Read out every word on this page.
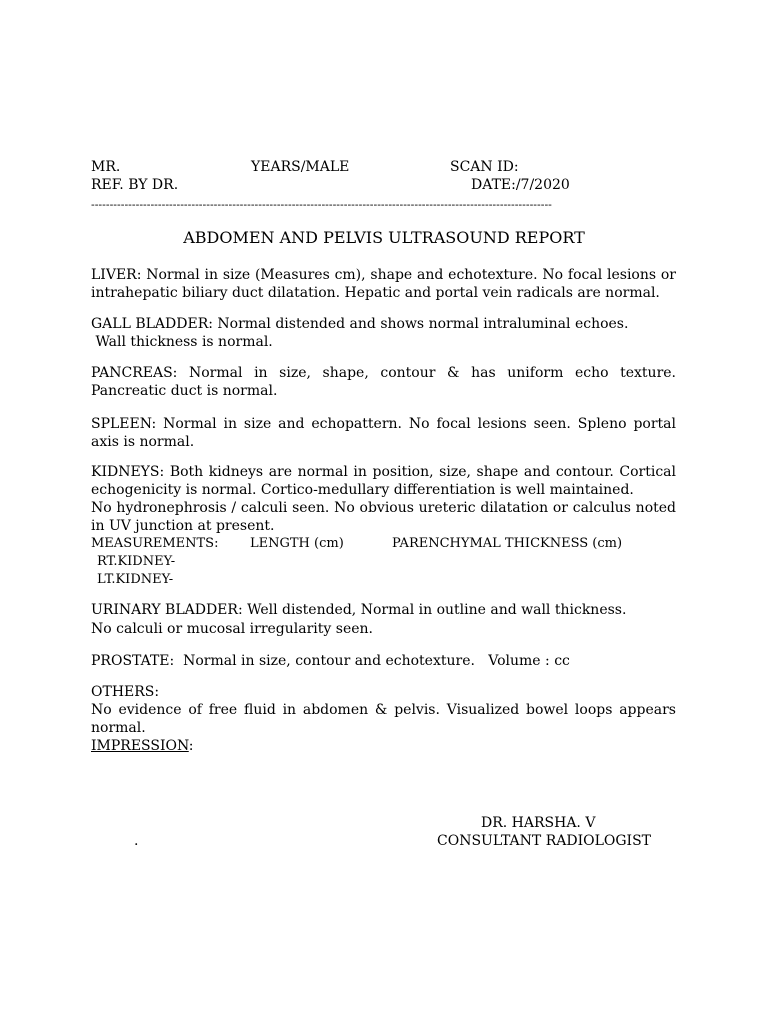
MR.	YEARS/MALE	SCAN ID:
REF. BY DR.	DATE:/7/2020
----------------------------------------------------------------------------------------------------------------------------
ABDOMEN AND PELVIS ULTRASOUND REPORT
LIVER: Normal in size (Measures cm), shape and echotexture. No focal lesions or intrahepatic biliary duct dilatation. Hepatic and portal vein radicals are normal.
GALL BLADDER: Normal distended and shows normal intraluminal echoes.
Wall thickness is normal.
PANCREAS: Normal in size, shape, contour & has uniform echo texture. Pancreatic duct is normal.
SPLEEN: Normal in size and echopattern. No focal lesions seen. Spleno portal axis is normal.
KIDNEYS: Both kidneys are normal in position, size, shape and contour. Cortical echogenicity is normal. Cortico-medullary differentiation is well maintained.
No hydronephrosis / calculi seen. No obvious ureteric dilatation or calculus noted in UV junction at present.
MEASUREMENTS: LENGTH (cm)	PARENCHYMAL THICKNESS (cm)
RT.KIDNEY-
LT.KIDNEY-
URINARY BLADDER: Well distended, Normal in outline and wall thickness.
No calculi or mucosal irregularity seen.
PROSTATE:  Normal in size, contour and echotexture.   Volume : cc
OTHERS:
No evidence of free fluid in abdomen & pelvis. Visualized bowel loops appears normal.
IMPRESSION:
DR. HARSHA. V
.	CONSULTANT RADIOLOGIST
